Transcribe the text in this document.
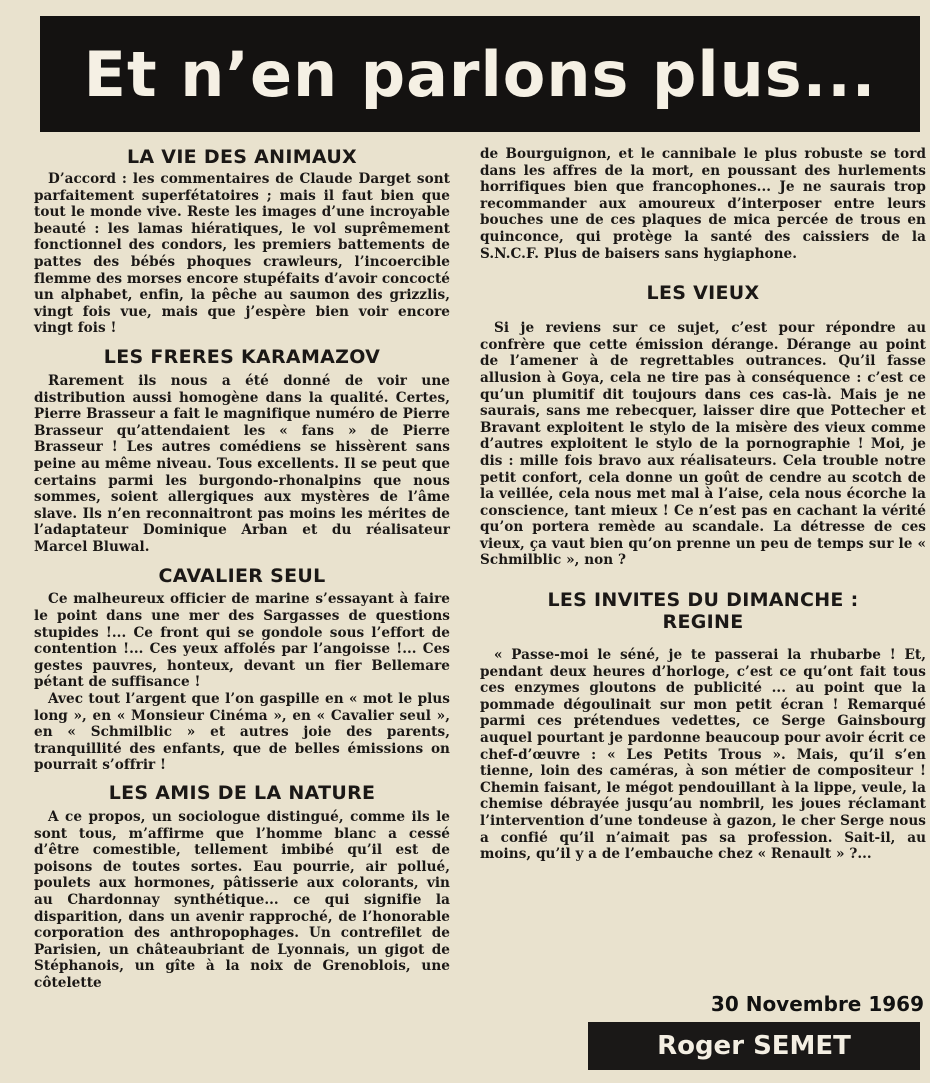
Et n’en parlons plus...
LA VIE DES ANIMAUX

D’accord : les commentaires de Claude Darget sont parfaitement superfétatoires ; mais il faut bien que tout le monde vive. Reste les images d’une incroyable beauté : les lamas hiératiques, le vol suprêmement fonctionnel des condors, les premiers battements de pattes des bébés phoques crawleurs, l’incoercible flemme des morses encore stupéfaits d’avoir concocté un alphabet, enfin, la pêche au saumon des grizzlis, vingt fois vue, mais que j’espère bien voir encore vingt fois !

LES FRERES KARAMAZOV

Rarement ils nous a été donné de voir une distribution aussi homogène dans la qualité. Certes, Pierre Brasseur a fait le magnifique numéro de Pierre Brasseur qu’attendaient les « fans » de Pierre Brasseur ! Les autres comédiens se hissèrent sans peine au même niveau. Tous excellents. Il se peut que certains parmi les burgondo-rhonalpins que nous sommes, soient allergiques aux mystères de l’âme slave. Ils n’en reconnaitront pas moins les mérites de l’adaptateur Dominique Arban et du réalisateur Marcel Bluwal.

CAVALIER SEUL

Ce malheureux officier de marine s’essayant à faire le point dans une mer des Sargasses de questions stupides !... Ce front qui se gondole sous l’effort de contention !... Ces yeux affolés par l’angoisse !... Ces gestes pauvres, honteux, devant un fier Bellemare pétant de suffisance !

Avec tout l’argent que l’on gaspille en « mot le plus long », en « Monsieur Cinéma », en « Cavalier seul », en « Schmilblic » et autres joie des parents, tranquillité des enfants, que de belles émissions on pourrait s’offrir !

LES AMIS DE LA NATURE

A ce propos, un sociologue distingué, comme ils le sont tous, m’affirme que l’homme blanc a cessé d’être comestible, tellement imbibé qu’il est de poisons de toutes sortes. Eau pourrie, air pollué, poulets aux hormones, pâtisserie aux colorants, vin au Chardonnay synthétique... ce qui signifie la disparition, dans un avenir rapproché, de l’honorable corporation des anthropophages. Un contrefilet de Parisien, un châteaubriant de Lyonnais, un gigot de Stéphanois, un gîte à la noix de Grenoblois, une côtelette

de Bourguignon, et le cannibale le plus robuste se tord dans les affres de la mort, en poussant des hurlements horrifiques bien que francophones... Je ne saurais trop recommander aux amoureux d’interposer entre leurs bouches une de ces plaques de mica percée de trous en quinconce, qui protège la santé des caissiers de la S.N.C.F. Plus de baisers sans hygiaphone.

LES VIEUX

Si je reviens sur ce sujet, c’est pour répondre au confrère que cette émission dérange. Dérange au point de l’amener à de regrettables outrances. Qu’il fasse allusion à Goya, cela ne tire pas à conséquence : c’est ce qu’un plumitif dit toujours dans ces cas-là. Mais je ne saurais, sans me rebecquer, laisser dire que Pottecher et Bravant exploitent le stylo de la misère des vieux comme d’autres exploitent le stylo de la pornographie ! Moi, je dis : mille fois bravo aux réalisateurs. Cela trouble notre petit confort, cela donne un goût de cendre au scotch de la veillée, cela nous met mal à l’aise, cela nous écorche la conscience, tant mieux ! Ce n’est pas en cachant la vérité qu’on portera remède au scandale. La détresse de ces vieux, ça vaut bien qu’on prenne un peu de temps sur le « Schmilblic », non ?

LES INVITES DU DIMANCHE :
REGINE

« Passe-moi le séné, je te passerai la rhubarbe ! Et, pendant deux heures d’horloge, c’est ce qu’ont fait tous ces enzymes gloutons de publicité ... au point que la pommade dégoulinait sur mon petit écran ! Remarqué parmi ces prétendues vedettes, ce Serge Gainsbourg auquel pourtant je pardonne beaucoup pour avoir écrit ce chef-d’œuvre : « Les Petits Trous ». Mais, qu’il s’en tienne, loin des caméras, à son métier de compositeur ! Chemin faisant, le mégot pendouillant à la lippe, veule, la chemise débrayée jusqu’au nombril, les joues réclamant l’intervention d’une tondeuse à gazon, le cher Serge nous a confié qu’il n’aimait pas sa profession. Sait-il, au moins, qu’il y a de l’embauche chez « Renault » ?...

30 Novembre 1969
Roger SEMET
